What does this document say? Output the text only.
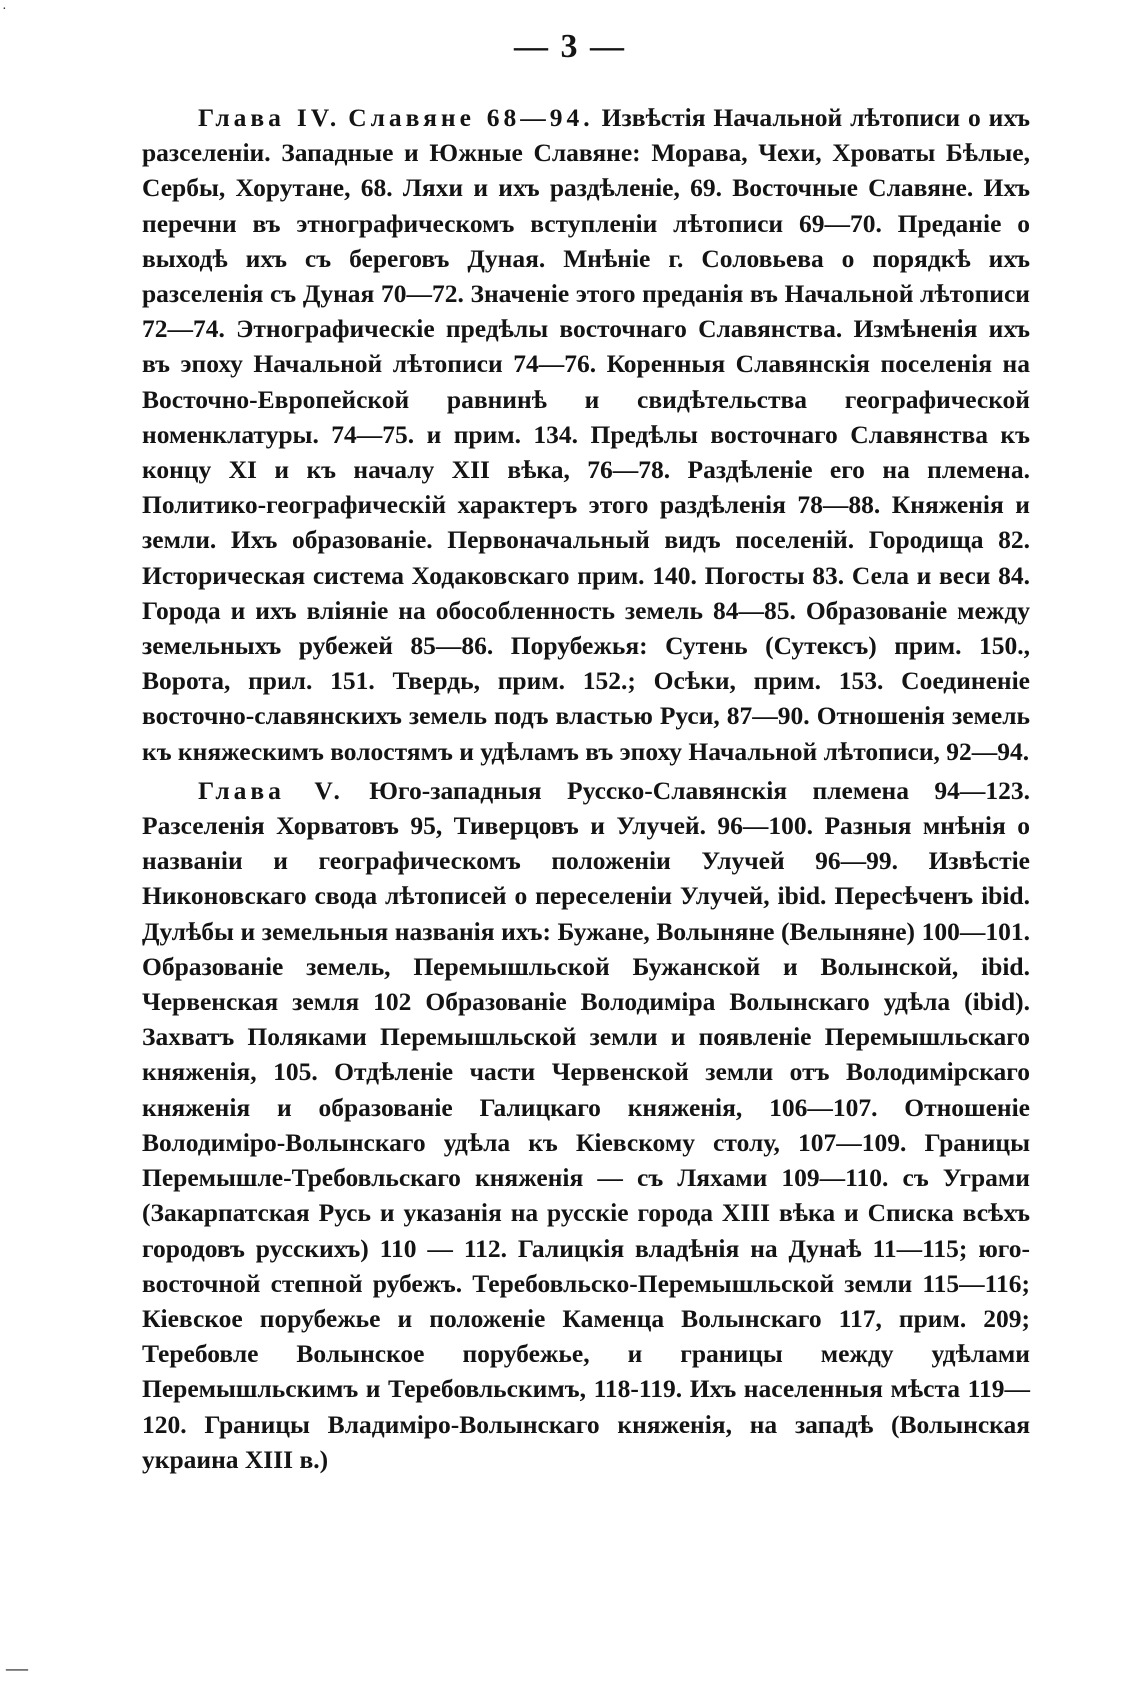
— 3 —

Глава IV. Славяне 68—94. Извѣстія Начальной лѣтописи о ихъ разселеніи. Западные и Южные Славяне: Морава, Чехи, Хроваты Бѣлые, Сербы, Хорутане, 68. Ляхи и ихъ раздѣленіе, 69. Восточные Славяне. Ихъ перечни въ этнографическомъ вступленіи лѣтописи 69—70. Преданіе о выходѣ ихъ съ береговъ Дуная. Мнѣніе г. Соловьева о порядкѣ ихъ разселенія съ Дуная 70—72. Значеніе этого преданія въ Начальной лѣтописи 72—74. Этнографическіе предѣлы восточнаго Славянства. Измѣненія ихъ въ эпоху Начальной лѣтописи 74—76. Коренныя Славянскія поселенія на Восточно-Европейской равнинѣ и свидѣтельства географической номенклатуры. 74—75. и прим. 134. Предѣлы восточнаго Славянства къ концу XI и къ началу XII вѣка, 76—78. Раздѣленіе его на племена. Политико-географическій характеръ этого раздѣленія 78—88. Княженія и земли. Ихъ образованіе. Первоначальный видъ поселеній. Городища 82. Историческая система Ходаковскаго прим. 140. Погосты 83. Села и веси 84. Города и ихъ вліяніе на обособленность земель 84—85. Образованіе между земельныхъ рубежей 85—86. Порубежья: Сутень (Сутексъ) прим. 150., Ворота, прил. 151. Твердь, прим. 152.; Осѣки, прим. 153. Соединеніе восточно-славянскихъ земель подъ властью Руси, 87—90. Отношенія земель къ княжескимъ волостямъ и удѣламъ въ эпоху Начальной лѣтописи, 92—94.

Глава V. Юго-западныя Русско-Славянскія племена 94—123. Разселенія Хорватовъ 95, Тиверцовъ и Улучей. 96—100. Разныя мнѣнія о названіи и географическомъ положеніи Улучей 96—99. Извѣстіе Никоновскаго свода лѣтописей о переселеніи Улучей, ibid. Пересѣченъ ibid. Дулѣбы и земельныя названія ихъ: Бужане, Волыняне (Велыняне) 100—101. Образованіе земель, Перемышльской Бужанской и Волынской, ibid. Червенская земля 102 Образованіе Володиміра Волынскаго удѣла (ibid). Захватъ Поляками Перемышльской земли и появленіе Перемышльскаго княженія, 105. Отдѣленіе части Червенской земли отъ Володимірскаго княженія и образованіе Галицкаго княженія, 106—107. Отношеніе Володиміро-Волынскаго удѣла къ Кіевскому столу, 107—109. Границы Перемышле-Требовльскаго княженія — съ Ляхами 109—110. съ Уграми (Закарпатская Русь и указанія на русскіе города XIII вѣка и Списка всѣхъ городовъ русскихъ) 110 — 112. Галицкія владѣнія на Дунаѣ 11—115; юго-восточной степной рубежъ. Теребовльско-Перемышльской земли 115—116; Кіевское порубежье и положеніе Каменца Волынскаго 117, прим. 209; Теребовле Волынское порубежье, и границы между удѣлами Перемышльскимъ и Теребовльскимъ, 118-119. Ихъ населенныя мѣста 119—120. Границы Владиміро-Волынскаго княженія, на западѣ (Волынская украина XIII в.)

·
—
